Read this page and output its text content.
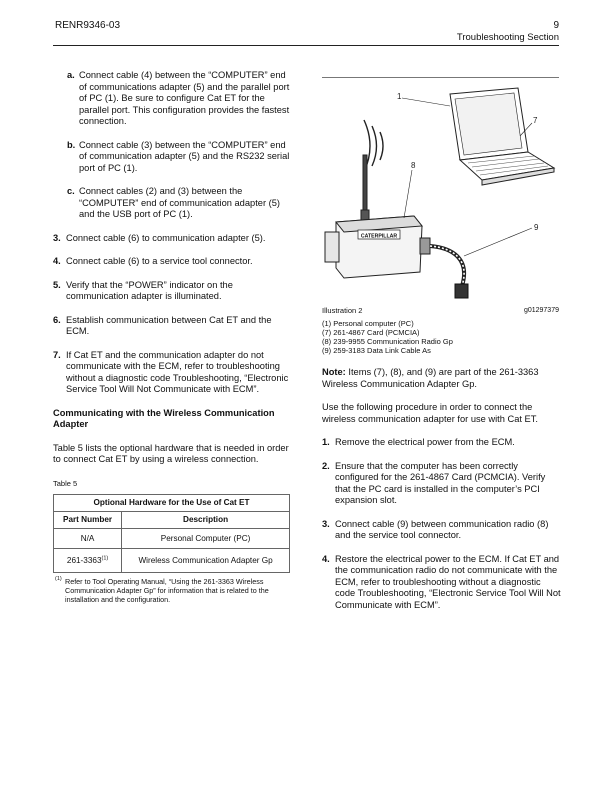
RENR9346-03	9
Troubleshooting Section
a. Connect cable (4) between the “COMPUTER” end of communications adapter (5) and the parallel port of PC (1). Be sure to configure Cat ET for the parallel port. This configuration provides the fastest connection.
b. Connect cable (3) between the “COMPUTER” end of communication adapter (5) and the RS232 serial port of PC (1).
c. Connect cables (2) and (3) between the “COMPUTER” end of communication adapter (5) and the USB port of PC (1).
3. Connect cable (6) to communication adapter (5).
4. Connect cable (6) to a service tool connector.
5. Verify that the “POWER” indicator on the communication adapter is illuminated.
6. Establish communication between Cat ET and the ECM.
7. If Cat ET and the communication adapter do not communicate with the ECM, refer to troubleshooting without a diagnostic code Troubleshooting, “Electronic Service Tool Will Not Communicate with ECM”.
Communicating with the Wireless Communication Adapter
Table 5 lists the optional hardware that is needed in order to connect Cat ET by using a wireless connection.
Table 5
Optional Hardware for the Use of Cat ET	
Part Number	Description
N/A	Personal Computer (PC)
261-3363$^{(1)}$	Wireless Communication Adapter Gp
(1) Refer to Tool Operating Manual, “Using the 261-3363 Wireless Communication Adapter Gp” for information that is related to the installation and the configuration.
CATERPILLAR
1
7
8
9
Illustration 2	g01297379
(1) Personal computer (PC)
(7) 261-4867 Card (PCMCIA)
(8) 239-9955 Communication Radio Gp
(9) 259-3183 Data Link Cable As
Note: Items (7), (8), and (9) are part of the 261-3363 Wireless Communication Adapter Gp.
Use the following procedure in order to connect the wireless communication adapter for use with Cat ET.
1. Remove the electrical power from the ECM.
2. Ensure that the computer has been correctly configured for the 261-4867 Card (PCMCIA). Verify that the PC card is installed in the computer’s PCI expansion slot.
3. Connect cable (9) between communication radio (8) and the service tool connector.
4. Restore the electrical power to the ECM. If Cat ET and the communication radio do not communicate with the ECM, refer to troubleshooting without a diagnostic code Troubleshooting, “Electronic Service Tool Will Not Communicate with ECM”.
